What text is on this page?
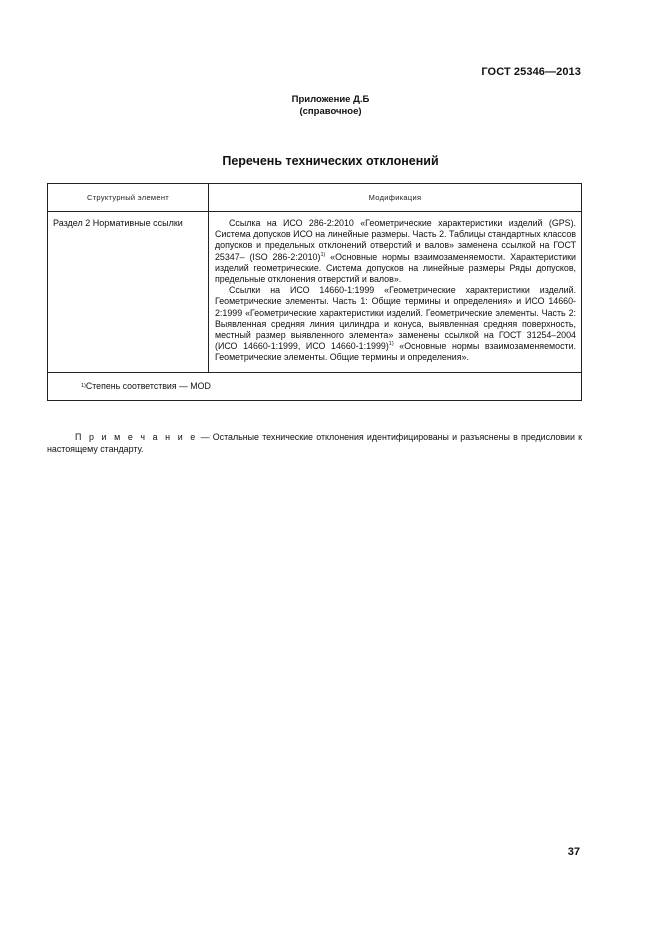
ГОСТ 25346—2013
Приложение Д.Б
(справочное)
Перечень технических отклонений
Структурный элемент	Модификация
Раздел 2 Нормативные ссылки	Ссылка на ИСО 286-2:2010 «Геометрические характеристики изделий (GPS). Система допусков ИСО на линейные размеры. Часть 2. Таблицы стандартных классов допусков и предельных отклонений отверстий и валов» заменена ссылкой на ГОСТ 25347– (ISO 286-2:2010)$^{1)}$ «Основные нормы взаимозаменяемости. Характеристики изделий геометрические. Система допусков на линейные размеры Ряды допусков, предельные отклонения отверстий и валов».

Ссылки на ИСО 14660-1:1999 «Геометрические характеристики изделий. Геометрические элементы. Часть 1: Общие термины и определения» и ИСО 14660-2:1999 «Геометрические характеристики изделий. Геометрические элементы. Часть 2: Выявленная средняя линия цилиндра и конуса, выявленная средняя поверхность, местный размер выявленного элемента» заменены ссылкой на ГОСТ 31254–2004 (ИСО 14660-1:1999, ИСО 14660-1:1999)$^{1)}$ «Основные нормы взаимозаменяемости. Геометрические элементы. Общие термины и определения».

1) Степень соответствия — MOD
П р и м е ч а н и е — Остальные технические отклонения идентифицированы и разъяснены в предисловии к настоящему стандарту.
37
